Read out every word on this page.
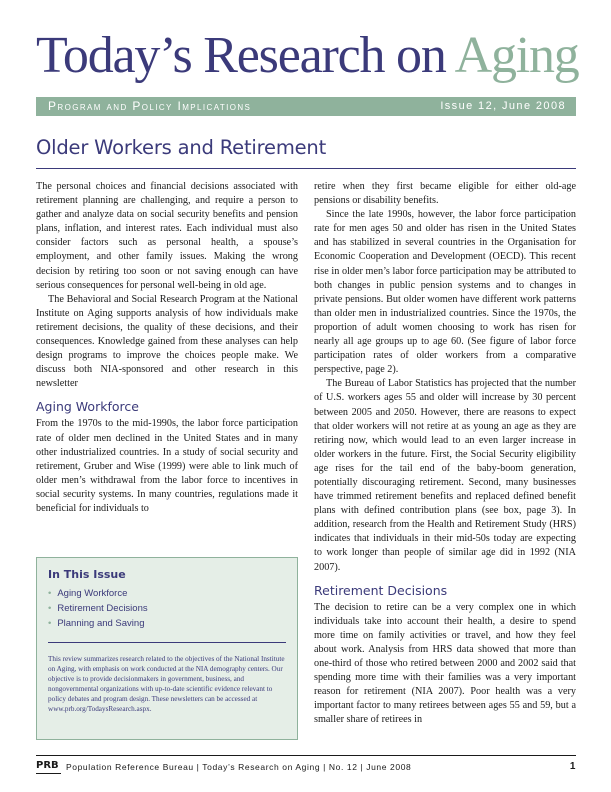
Today’s Research on Aging
Program and Policy Implications	Issue 12, June 2008
Older Workers and Retirement

The personal choices and financial decisions associated with retirement planning are challenging, and require a person to gather and analyze data on social security benefits and pension plans, inflation, and interest rates. Each individual must also consider factors such as personal health, a spouse’s employment, and other family issues. Making the wrong decision by retiring too soon or not saving enough can have serious consequences for personal well-being in old age.

The Behavioral and Social Research Program at the National Institute on Aging supports analysis of how individuals make retirement decisions, the quality of these decisions, and their consequences. Knowledge gained from these analyses can help design programs to improve the choices people make. We discuss both NIA-sponsored and other research in this newsletter

Aging Workforce

From the 1970s to the mid-1990s, the labor force participation rate of older men declined in the United States and in many other industrialized countries. In a study of social security and retirement, Gruber and Wise (1999) were able to link much of older men’s withdrawal from the labor force to incentives in social security systems. In many countries, regulations made it beneficial for individuals to

In This Issue
• Aging Workforce
• Retirement Decisions
• Planning and Saving
This review summarizes research related to the objectives of the National Institute on Aging, with emphasis on work conducted at the NIA demography centers. Our objective is to provide decisionmakers in government, business, and nongovernmental organizations with up-to-date scientific evidence relevant to policy debates and program design. These newsletters can be accessed at www.prb.org/TodaysResearch.aspx.

retire when they first became eligible for either old-age pensions or disability benefits.

Since the late 1990s, however, the labor force participation rate for men ages 50 and older has risen in the United States and has stabilized in several countries in the Organisation for Economic Cooperation and Development (OECD). This recent rise in older men’s labor force participation may be attributed to both changes in public pension systems and to changes in private pensions. But older women have different work patterns than older men in industrialized countries. Since the 1970s, the proportion of adult women choosing to work has risen for nearly all age groups up to age 60. (See figure of labor force participation rates of older workers from a comparative perspective, page 2).

The Bureau of Labor Statistics has projected that the number of U.S. workers ages 55 and older will increase by 30 percent between 2005 and 2050. However, there are reasons to expect that older workers will not retire at as young an age as they are retiring now, which would lead to an even larger increase in older workers in the future. First, the Social Security eligibility age rises for the tail end of the baby-boom generation, potentially discouraging retirement. Second, many businesses have trimmed retirement benefits and replaced defined benefit plans with defined contribution plans (see box, page 3). In addition, research from the Health and Retirement Study (HRS) indicates that individuals in their mid-50s today are expecting to work longer than people of similar age did in 1992 (NIA 2007).

Retirement Decisions

The decision to retire can be a very complex one in which individuals take into account their health, a desire to spend more time on family activities or travel, and how they feel about work. Analysis from HRS data showed that more than one-third of those who retired between 2000 and 2002 said that spending more time with their families was a very important reason for retirement (NIA 2007). Poor health was a very important factor to many retirees between ages 55 and 59, but a smaller share of retirees in

PRB Population Reference Bureau | Today’s Research on Aging | No. 12 | June 2008	1
